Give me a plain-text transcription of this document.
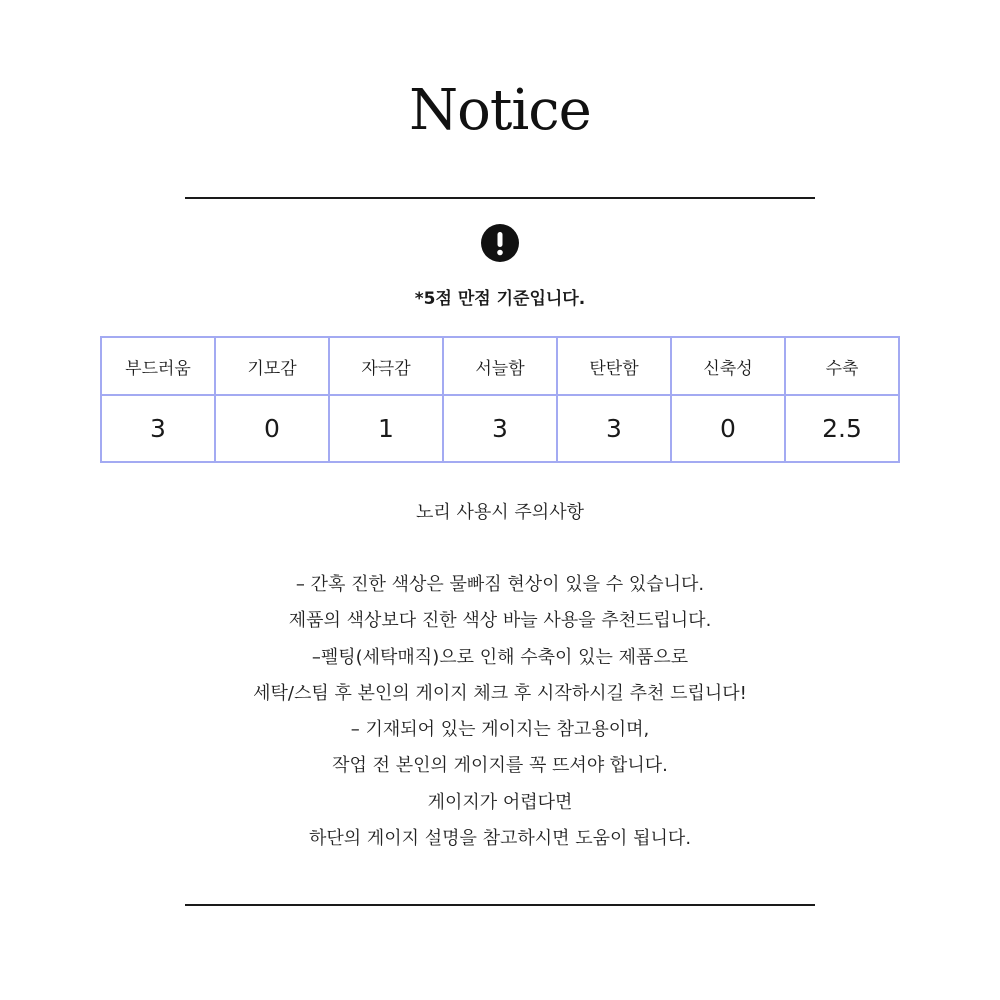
Notice
*5점 만점 기준입니다.
부드러움	기모감	자극감	서늘함	탄탄함	신축성	수축
3	0	1	3	3	0	2.5
노리 사용시 주의사항
– 간혹 진한 색상은 물빠짐 현상이 있을 수 있습니다.
제품의 색상보다 진한 색상 바늘 사용을 추천드립니다.
–펠팅(세탁매직)으로 인해 수축이 있는 제품으로
세탁/스팀 후 본인의 게이지 체크 후 시작하시길 추천 드립니다!
– 기재되어 있는 게이지는 참고용이며,
작업 전 본인의 게이지를 꼭 뜨셔야 합니다.
게이지가 어렵다면
하단의 게이지 설명을 참고하시면 도움이 됩니다.
